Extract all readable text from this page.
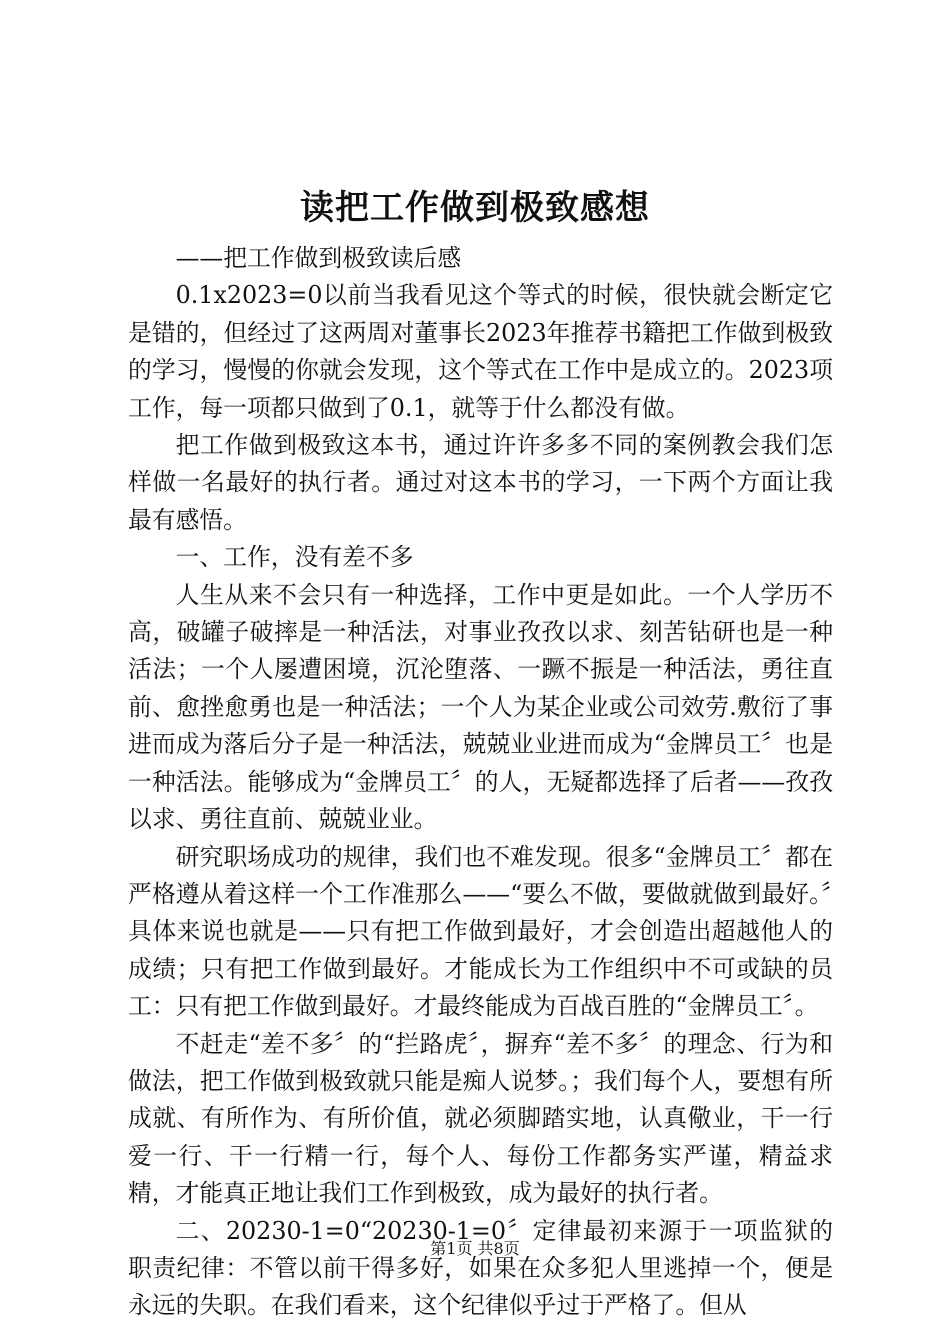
读把工作做到极致感想

——把工作做到极致读后感

0.1x2023=0以前当我看见这个等式的时候，很快就会断定它是错的，但经过了这两周对董事长2023年推荐书籍把工作做到极致的学习，慢慢的你就会发现，这个等式在工作中是成立的。2023项工作，每一项都只做到了0.1，就等于什么都没有做。

把工作做到极致这本书，通过许许多多不同的案例教会我们怎样做一名最好的执行者。通过对这本书的学习，一下两个方面让我最有感悟。

一、工作，没有差不多

人生从来不会只有一种选择，工作中更是如此。一个人学历不高，破罐子破摔是一种活法，对事业孜孜以求、刻苦钻研也是一种活法；一个人屡遭困境，沉沦堕落、一蹶不振是一种活法，勇往直前、愈挫愈勇也是一种活法；一个人为某企业或公司效劳.敷衍了事进而成为落后分子是一种活法，兢兢业业进而成为“金牌员工〞也是一种活法。能够成为“金牌员工〞的人，无疑都选择了后者——孜孜以求、勇往直前、兢兢业业。

研究职场成功的规律，我们也不难发现。很多“金牌员工〞都在严格遵从着这样一个工作准那么——“要么不做，要做就做到最好。〞具体来说也就是——只有把工作做到最好，才会创造出超越他人的成绩；只有把工作做到最好。才能成长为工作组织中不可或缺的员工：只有把工作做到最好。才最终能成为百战百胜的“金牌员工〞。

不赶走“差不多〞的“拦路虎〞，摒弃“差不多〞的理念、行为和做法，把工作做到极致就只能是痴人说梦。；我们每个人，要想有所成就、有所作为、有所价值，就必须脚踏实地，认真儆业，干一行爱一行、干一行精一行，每个人、每份工作都务实严谨，精益求精，才能真正地让我们工作到极致，成为最好的执行者。

二、20230-1=0“20230-1=0〞定律最初来源于一项监狱的职责纪律：不管以前干得多好，如果在众多犯人里逃掉一个，便是永远的失职。在我们看来，这个纪律似乎过于严格了。但从

第1页 共8页
